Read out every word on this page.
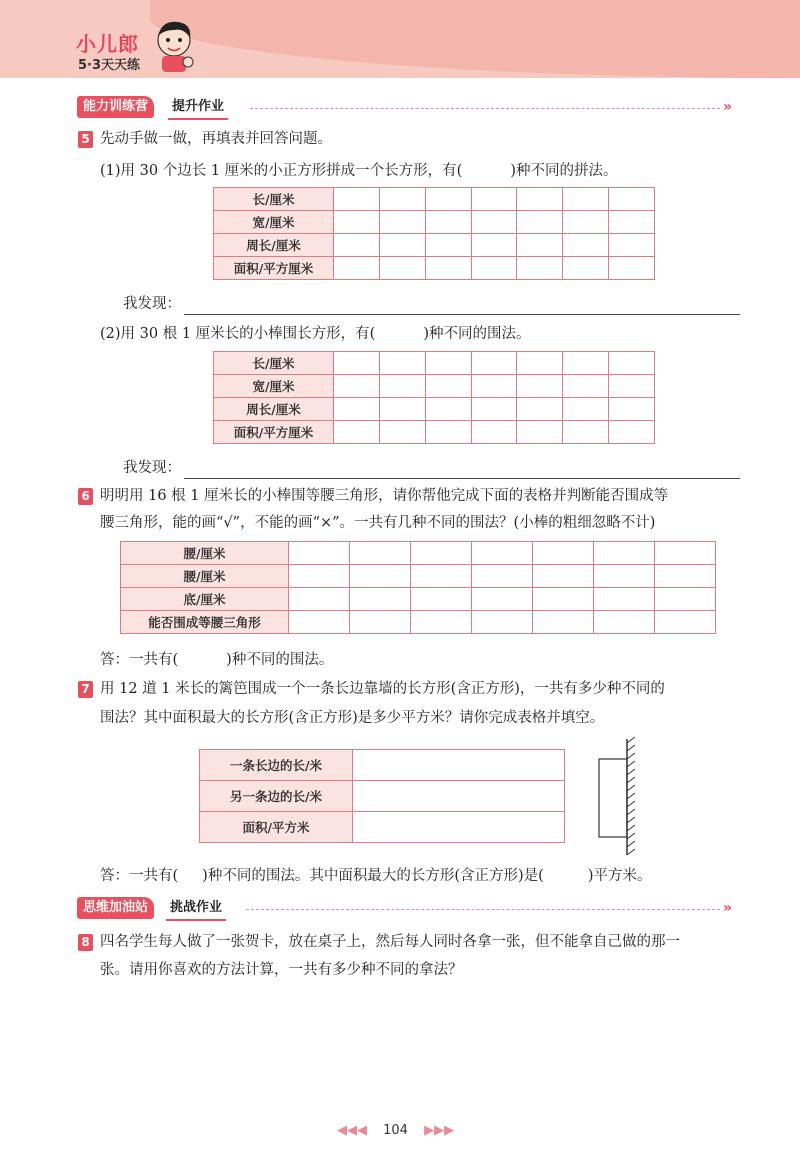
小儿郎
5·3天天练
能力训练营	提升作业	»
5 先动手做一做，再填表并回答问题。
(1)用 30 个边长 1 厘米的小正方形拼成一个长方形，有(	)种不同的拼法。
长/厘米							
宽/厘米							
周长/厘米							
面积/平方厘米							
我发现：
(2)用 30 根 1 厘米长的小棒围长方形，有(	)种不同的围法。
长/厘米							
宽/厘米							
周长/厘米							
面积/平方厘米							
我发现：
6 明明用 16 根 1 厘米长的小棒围等腰三角形，请你帮他完成下面的表格并判断能否围成等
腰三角形，能的画“√”，不能的画“×”。一共有几种不同的围法？(小棒的粗细忽略不计)
腰/厘米							
腰/厘米							
底/厘米							
能否围成等腰三角形							
答：一共有(	)种不同的围法。
7 用 12 道 1 米长的篱笆围成一个一条长边靠墙的长方形(含正方形)，一共有多少种不同的
围法？其中面积最大的长方形(含正方形)是多少平方米？请你完成表格并填空。
一条长边的长/米	
另一条边的长/米	
面积/平方米	
答：一共有( )种不同的围法。其中面积最大的长方形(含正方形)是(	)平方米。
思维加油站	挑战作业	»
8 四名学生每人做了一张贺卡，放在桌子上，然后每人同时各拿一张，但不能拿自己做的那一
张。请用你喜欢的方法计算，一共有多少种不同的拿法？
◀◀◀ 104 ▶▶▶
